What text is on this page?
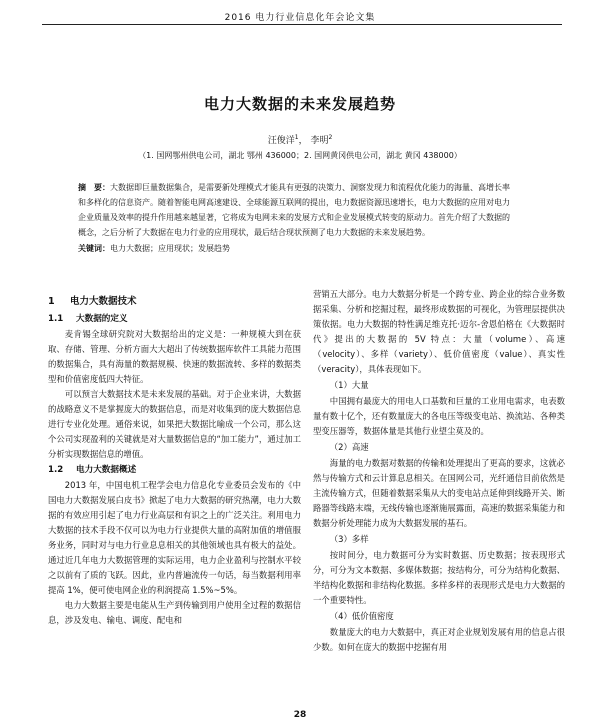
2016 电力行业信息化年会论文集
电力大数据的未来发展趋势
汪俊洋$^1$， 李明$^2$
（1. 国网鄂州供电公司，湖北 鄂州 436000；2. 国网黄冈供电公司，湖北 黄冈 438000）
摘　要：大数据即巨量数据集合，是需要新处理模式才能具有更强的决策力、洞察发现力和流程优化能力的海量、高增长率和多样化的信息资产。随着智能电网高速建设、全球能源互联网的提出，电力数据资源迅速增长，电力大数据的应用对电力企业质量及效率的提升作用越来越显著，它将成为电网未来的发展方式和企业发展模式转变的原动力。首先介绍了大数据的概念，之后分析了大数据在电力行业的应用现状，最后结合现状预测了电力大数据的未来发展趋势。
关键词：电力大数据；应用现状；发展趋势
1 电力大数据技术
1.1 大数据的定义

麦肯锡全球研究院对大数据给出的定义是：一种规模大到在获取、存储、管理、分析方面大大超出了传统数据库软件工具能力范围的数据集合，具有海量的数据规模、快速的数据流转、多样的数据类型和价值密度低四大特征。

可以预言大数据技术是未来发展的基础。对于企业来讲，大数据的战略意义不是掌握庞大的数据信息，而是对收集到的庞大数据信息进行专业化处理。通俗来说，如果把大数据比喻成一个公司，那么这个公司实现盈利的关键就是对大量数据信息的“加工能力”，通过加工分析实现数据信息的增值。

1.2 电力大数据概述

2013 年，中国电机工程学会电力信息化专业委员会发布的《中国电力大数据发展白皮书》掀起了电力大数据的研究热潮，电力大数据的有效应用引起了电力行业高层和有识之上的广泛关注。利用电力大数据的技术手段不仅可以为电力行业提供大量的高附加值的增值服务业务，同时对与电力行业息息相关的其他领域也具有极大的益处。通过近几年电力大数据管理的实际运用，电力企业盈利与控制水平较之以前有了质的飞跃。因此，业内普遍流传一句话，每当数据利用率提高 1%，便可使电网企业的利润提高 1.5%~5%。

电力大数据主要是电能从生产到传输到用户使用全过程的数据信息，涉及发电、输电、调度、配电和

营销五大部分。电力大数据分析是一个跨专业、跨企业的综合业务数据采集、分析和挖掘过程，最终形成数据的可视化，为管理层提供决策依据。电力大数据的特性满足维克托·迈尔-舍恩伯格在《大数据时代》提出的大数据的 5V 特点：大量（volume）、高速（velocity）、多样（variety）、低价值密度（value）、真实性（veracity），具体表现如下。

（1）大量

中国拥有最庞大的用电人口基数和巨量的工业用电需求，电表数量有数十亿个，还有数量庞大的各电压等级变电站、换流站、各种类型变压器等，数据体量是其他行业望尘莫及的。

（2）高速

海量的电力数据对数据的传输和处理提出了更高的要求，这就必然与传输方式和云计算息息相关。在国网公司，光纤通信目前依然是主流传输方式，但随着数据采集从大的变电站点延伸到线路开关、断路器等线路末端，无线传输也逐渐施展露面，高速的数据采集能力和数据分析处理能力成为大数据发展的基石。

（3）多样

按时间分，电力数据可分为实时数据、历史数据；按表现形式分，可分为文本数据、多媒体数据；按结构分，可分为结构化数据、半结构化数据和非结构化数据。多样多样的表现形式是电力大数据的一个重要特性。

（4）低价值密度

数量庞大的电力大数据中，真正对企业规划发展有用的信息占很少数。如何在庞大的数据中挖掘有用

28
